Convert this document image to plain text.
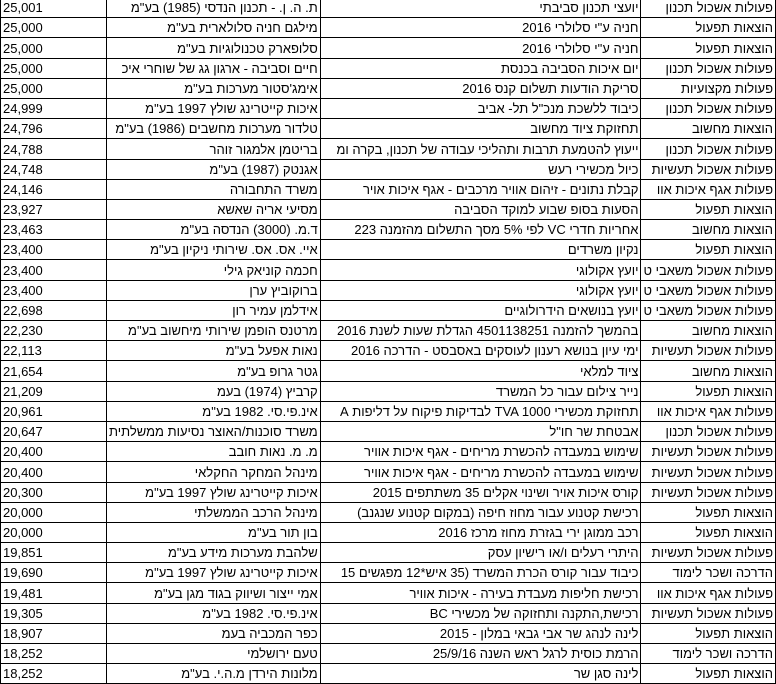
25,001	ת. ה. ן. - תכנון הנדסי (1985) בע"מ	יועצי תכנון סביבתי	פעולות אשכול תכנון
25,000	מילגם חניה סלולארית בע"מ	חניה ע"י סלולרי 2016	הוצאות תפעול
25,000	סלופארק טכנולוגיות בע"מ	חניה ע"י סלולרי 2016	הוצאות תפעול
25,000	חיים וסביבה - ארגון גג של שוחרי איכ	יום איכות הסביבה בכנסת	פעולות אשכול תכנון
25,000	אימג'סטור מערכות בע"מ	סריקת הודעות תשלום קנס 2016	פעולות מקצועיות
24,999	איכות קייטרינג שולץ 1997 בע"מ	כיבוד ללשכת מנכ"ל תל- אביב	פעולות אשכול תכנון
24,796	טלדור מערכות מחשבים (1986) בע"מ	תחזוקת ציוד מחשוב	הוצאות מחשוב
24,788	בריטמן אלמגור זוהר	ייעוץ להטמעת תרבות ותהליכי עבודה של תכנון, בקרה ומ	פעולות אשכול תכנון
24,748	אגנטק (1987) בע"מ	כיול מכשירי רעש	פעולות אשכול תעשיות
24,146	משרד התחבורה	קבלת נתונים - זיהום אוויר מרכבים - אגף איכות אויר	פעולות אגף איכות אוו
23,927	מסיעי אריה שאשא	הסעות בסופ שבוע למוקד הסביבה	הוצאות תפעול
23,463	ד.מ. (3000) הנדסה בע"מ	אחריות חדרי VC לפי 5% מסך התשלום מהזמנה 223	הוצאות מחשוב
23,400	איי. אס. אס. שירותי ניקיון בע"מ	נקיון משרדים	הוצאות תפעול
23,400	חכמה קוניאק גילי	יועץ אקולוגי	פעולות אשכול משאבי ט
23,400	ברוקוביץ ערן	יועץ אקולוגי	פעולות אשכול משאבי ט
22,698	אידלמן עמיר רון	יועץ בנושאים הידרולוגיים	פעולות אשכול משאבי ט
22,230	מרטנס הופמן שירותי מיחשוב בע"מ	בהמשך להזמנה 4501138251 הגדלת שעות לשנת 2016	הוצאות מחשוב
22,113	נאות אפעל בע"מ	ימי עיון בנושא רענון לעוסקים באסבסט - הדרכה 2016	פעולות אשכול תעשיות
21,654	גטר גרופ בע"מ	ציוד למלאי	הוצאות מחשוב
21,209	קרביץ (1974) בעמ	נייר צילום עבור כל המשרד	הוצאות תפעול
20,961	אינ.פי.סי. 1982 בע"מ	תחזוקת מכשירי TVA 1000 לבדיקות פיקוח על דליפות A	פעולות אגף איכות אוו
20,647	משרד סוכנות/האוצר נסיעות ממשלתית	אבטחת שר חו"ל	פעולות אשכול תכנון
20,400	מ. מ. נאות חובב	שימוש במעבדה להכשרת מריחים - אגף איכות אוויר	פעולות אשכול תעשיות
20,400	מינהל המחקר החקלאי	שימוש במעבדה להכשרת מריחים - אגף איכות אוויר	פעולות אשכול תעשיות
20,300	איכות קייטרינג שולץ 1997 בע"מ	קורס איכות אויר ושינוי אקלים 35 משתתפים 2015	פעולות אשכול תעשיות
20,000	מינהל הרכב הממשלתי	רכישת קטנוע עבור מחוז חיפה (במקום קטנוע שנגנב)	הוצאות תפעול
20,000	בון תור בע"מ	רכב ממוגן ירי בגזרת מחוז מרכז 2016	הוצאות תפעול
19,851	שלהבת מערכות מידע בע"מ	היתרי רעלים ו/או רישיון עסק	פעולות אשכול תעשיות
19,690	איכות קייטרינג שולץ 1997 בע"מ	כיבוד עבור קורס הכרת המשרד (35 איש*12 מפגשים 15	הדרכה ושכר לימוד
19,481	אמי ייצור ושיווק בגוד מגן בע"מ	רכישת חליפות מעבדת בעירה - איכות אוויר	פעולות אגף איכות אוו
19,305	אינ.פי.סי. 1982 בע"מ	רכישת,התקנה ותחזוקה של מכשירי BC	פעולות אשכול תעשיות
18,907	כפר המכביה בעמ	לינה לנהג שר אבי גבאי במלון - 2015	הוצאות תפעול
18,252	טעם ירושלמי	הרמת כוסית לרגל ראש השנה 25/9/16	הדרכה ושכר לימוד
18,252	מלונות הירדן מ.ה.י. בע"מ	לינה סגן שר	הוצאות תפעול
